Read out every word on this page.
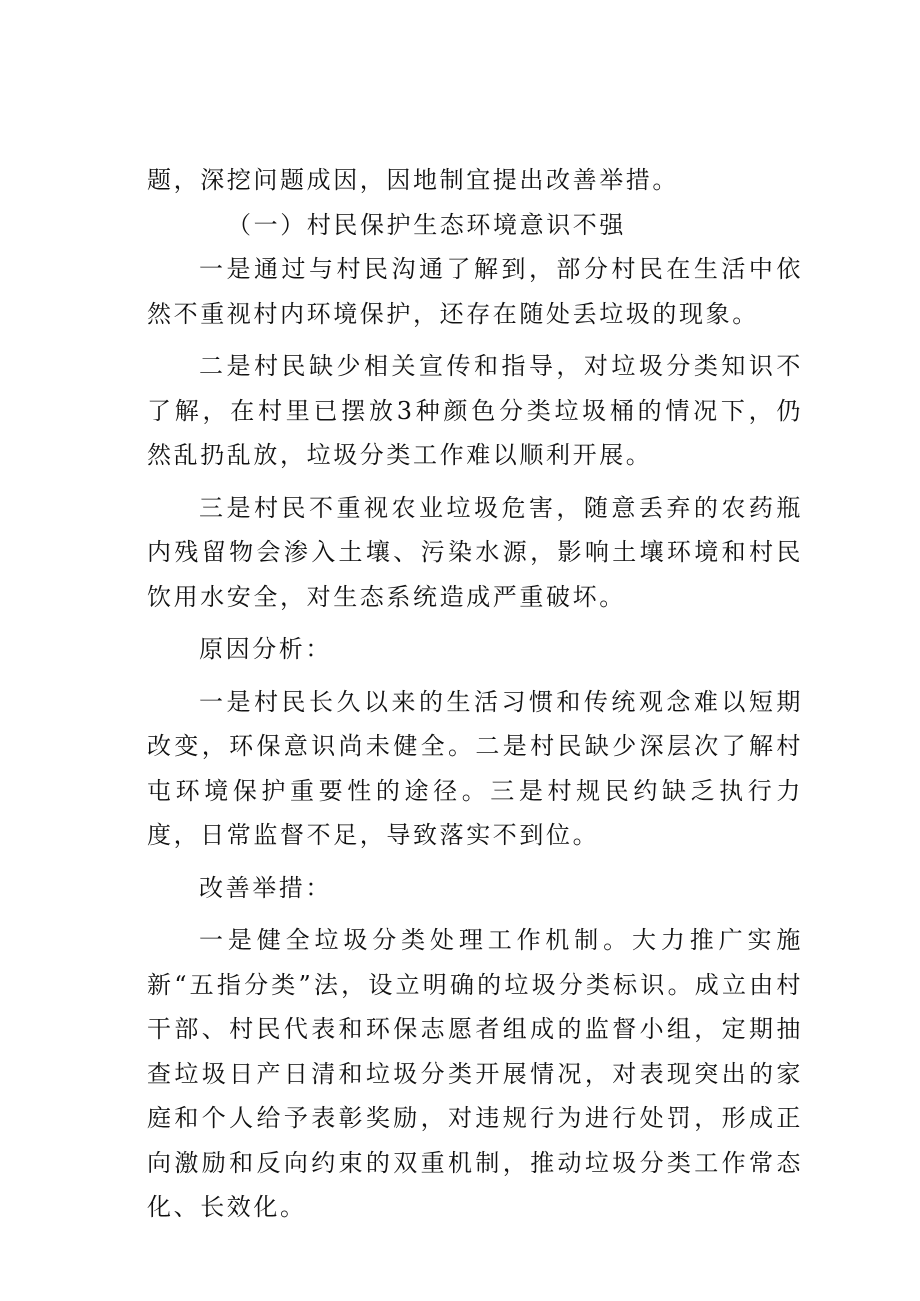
题，深挖问题成因，因地制宜提出改善举措。

（一）村民保护生态环境意识不强

一是通过与村民沟通了解到，部分村民在生活中依然不重视村内环境保护，还存在随处丢垃圾的现象。

二是村民缺少相关宣传和指导，对垃圾分类知识不了解，在村里已摆放3种颜色分类垃圾桶的情况下，仍然乱扔乱放，垃圾分类工作难以顺利开展。

三是村民不重视农业垃圾危害，随意丢弃的农药瓶内残留物会渗入土壤、污染水源，影响土壤环境和村民饮用水安全，对生态系统造成严重破坏。

原因分析：

一是村民长久以来的生活习惯和传统观念难以短期改变，环保意识尚未健全。二是村民缺少深层次了解村屯环境保护重要性的途径。三是村规民约缺乏执行力度，日常监督不足，导致落实不到位。

改善举措：

一是健全垃圾分类处理工作机制。大力推广实施新“五指分类”法，设立明确的垃圾分类标识。成立由村干部、村民代表和环保志愿者组成的监督小组，定期抽查垃圾日产日清和垃圾分类开展情况，对表现突出的家庭和个人给予表彰奖励，对违规行为进行处罚，形成正向激励和反向约束的双重机制，推动垃圾分类工作常态化、长效化。
